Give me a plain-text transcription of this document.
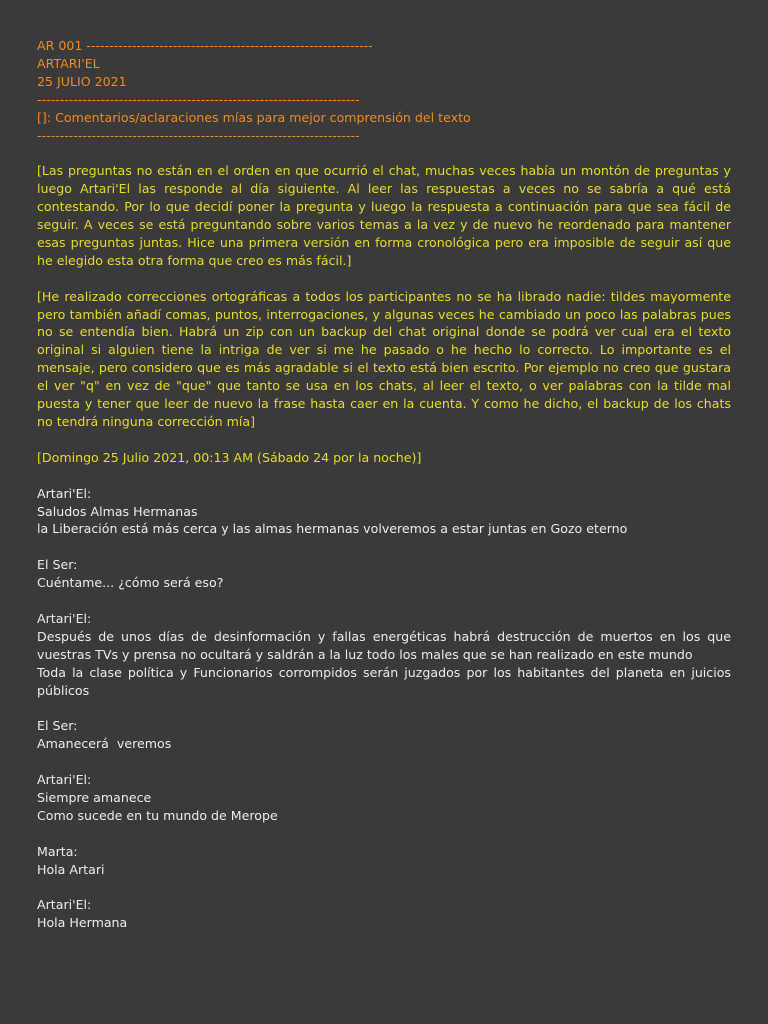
AR 001 ---------------------------------------------------------------
ARTARI'EL
25 JULIO 2021
-----------------------------------------------------------------------
[]: Comentarios/aclaraciones mías para mejor comprensión del texto
-----------------------------------------------------------------------

[Las preguntas no están en el orden en que ocurrió el chat, muchas veces había un montón de preguntas y luego Artari'El las responde al día siguiente. Al leer las respuestas a veces no se sabría a qué está contestando. Por lo que decidí poner la pregunta y luego la respuesta a continuación para que sea fácil de seguir. A veces se está preguntando sobre varios temas a la vez y de nuevo he reordenado para mantener esas preguntas juntas. Hice una primera versión en forma cronológica pero era imposible de seguir así que he elegido esta otra forma que creo es más fácil.]

[He realizado correcciones ortográficas a todos los participantes no se ha librado nadie: tildes mayormente pero también añadí comas, puntos, interrogaciones, y algunas veces he cambiado un poco las palabras pues no se entendía bien. Habrá un zip con un backup del chat original donde se podrá ver cual era el texto original si alguien tiene la intriga de ver si me he pasado o he hecho lo correcto. Lo importante es el mensaje, pero considero que es más agradable si el texto está bien escrito. Por ejemplo no creo que gustara el ver "q" en vez de "que" que tanto se usa en los chats, al leer el texto, o ver palabras con la tilde mal puesta y tener que leer de nuevo la frase hasta caer en la cuenta. Y como he dicho, el backup de los chats no tendrá ninguna corrección mía]

[Domingo 25 Julio 2021, 00:13 AM (Sábado 24 por la noche)]

Artari'El:
Saludos Almas Hermanas
la Liberación está más cerca y las almas hermanas volveremos a estar juntas en Gozo eterno
El Ser:
Cuéntame... ¿cómo será eso?
Artari'El:
Después de unos días de desinformación y fallas energéticas habrá destrucción de muertos en los que vuestras TVs y prensa no ocultará y saldrán a la luz todo los males que se han realizado en este mundo
Toda la clase política y Funcionarios corrompidos serán juzgados por los habitantes del planeta en juicios públicos
El Ser:
Amanecerá  veremos
Artari'El:
Siempre amanece
Como sucede en tu mundo de Merope
Marta:
Hola Artari
Artari'El:
Hola Hermana
